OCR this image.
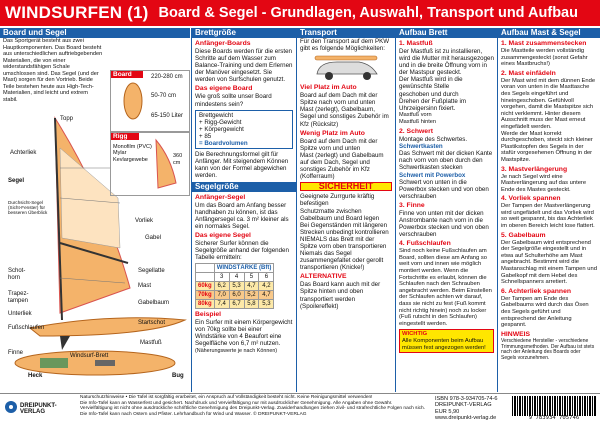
WINDSURFEN (1) Board & Segel - Grundlagen, Auswahl, Transport und Aufbau
Board und Segel
Das Sportgerät besteht aus zwei Hauptkomponenten. Das Board besteht aus unterschiedlichen auftriebgebenden Materialien, die von einer widerstandsfähigen Schale umschlossen sind. Das Segel (und der Mast) sorgen für den Vortrieb. Beide Teile bestehen heute aus High-Tech-Materialien, sind leicht und extrem stabil.
Board	220-280 cm
50-70 cm
65-150 Liter
Rigg
Monofilm (PVC) Mylar Kevlargewebe
360 cm
Topp
Achterliek
Segel
Durchsicht-Segel (Sicht-Fenster) für besseren Überblick
Schot-horn
Trapez-tampen
Unterliek
Fußschlaufen
Finne	Windsurf-Brett
Heck	Bug
Vorliek
Gabel
Segellatte
Mast
Gabelbaum
Startschot
Mastfuß
Brettgröße
Anfänger-Boards
Diese Boards werden für die ersten Schritte auf dem Wasser zum Balance-Training und dem Erlernen der Manöver eingesetzt. Sie werden von Surfschulen genutzt.
Das eigene Board
Wie groß sollte unser Board mindestens sein?
Brettgewicht
+ Rigg-Gewicht
+ Körpergewicht
+ 85
= Boardvolumen
Die Berechnungsformel gilt für Anfänger. Mit steigendem Können kann von der Formel abgewichen werden.
Segelgröße
Anfänger-Segel
Um das Board am Anfang besser handhaben zu können, ist das Anfängersegel ca. 3 m² kleiner als ein normales Segel.
Das eigene Segel
Sicherer Surfer können die Segelgröße anhand der folgenden Tabelle ermitteln:
	WINDSTÄRKE (Bft)			
	3	4	5	6
60kg	6,2	5,3	4,7	4,2
70kg	7,0	6,0	5,2	4,7
80kg	7,4	6,7	5,8	5,3
Beispiel
Ein Surfer mit einem Körpergewicht von 70kg sollte bei einer Windstärke von 4 Beaufort eine Segelfläche von 6,7 m² nutzen.
(Näherungswerte je nach Können)
Transport
Für den Transport auf dem PKW gibt es folgende Möglichkeiten:
Viel Platz im Auto
Board auf dem Dach mit der Spitze nach vorn und unten
Mast (zerlegt), Gabelbaum, Segel und sonstiges Zubehör im Kfz (Rücksitz)
Wenig Platz im Auto
Board auf dem Dach mit der Spitze vorn und unten
Mast (zerlegt) und Gabelbaum auf dem Dach, Segel und sonstiges Zubehör im Kfz (Kofferraum)
SICHERHEIT
Geeignete Zurrgurte kräftig befestigen
Schutzmatte zwischen Gabelbaum und Board legen
Bei Gegenständen mit längeren Strecken unbedingt kontrollieren
NIEMALS das Brett mit der Spitze vorn oben transportieren
Niemals das Segel zusammengefaltet oder gerollt transportieren (Knicke!)
ALTERNATIVE
Das Board kann auch mit der Spitze hinten und oben transportiert werden (Spoilereffekt)
Aufbau Brett
1. Mastfuß
Der Mastfuß ist zu installieren, wird die Mutter mit herausgezogen und in die breite Öffnung vorn in der Mastspur gesteckt.
Der Mastfuß wird in die gewünschte Stelle geschoben und durch Drehen der Fußplatte im Uhrzeigersinn fixiert.
Mastfuß vorn
Mastfuß hinten
2. Schwert
Montage des Schwertes.
Schwertkasten
Das Schwert mit der dicken Kante nach vorn von oben durch den Schwertkasten stecken
Schwert mit Powerbox
Schwert von unten in die Powerbox stecken und von oben verschrauben
3. Finne
Finne von unten mit der dicken Anstrombante nach vorn in die Powerbox stecken und von oben verschrauben
4. Fußschlaufen
Sind noch keine Fußschlaufen am Board, sollten diese am Anfang so weit vorn und innen wie möglich montiert werden. Wenn die Fortschritte es erlaubt, können die Schlaufen nach den Schrauben angebracht werden. Beim Einstellen der Schlaufen achten wir darauf, dass sie nicht zu fest (Fuß kommt nicht richtig hinein) noch zu locker (Fuß rutscht in den Schlaufen) eingestellt werden.
WICHTIG
Alle Komponenten beim Aufbau müssen fest angezogen werden!
Aufbau Mast & Segel
1. Mast zusammenstecken
Die Mastteile werden vollständig zusammengesteckt (sonst Gefahr eines Mastbruchs!)
2. Mast einfädeln
Der Mast wird mit dem dünnen Ende voran von unten in die Masttasche des Segels eingeführt und hineingeschoben. Gefühlvoll vorgehen, damit die Mastspitze sich nicht verklemmt. Hinter diesem Ausschnitt muss der Mast erneut eingefädelt werden.
Werde der Mast korrekt durchgeschoben, steckt sich kleiner Plastikstopfen des Segels in der stafür vorgesehenen Öffnung in der Mastspitze.
3. Mastverlängerung
Je nach Segel wird eine Mastverlängerung auf das untere Ende des Mastes gesteckt.
4. Vorliek spannen
Der Tampen der Mastverlängerung wird ungefädelt und das Vorliek wird so weit gespannt, bis das Achterliek im oberen Bereich leicht lose flattert.
5. Gabelbaum
Der Gabelbaum wird entsprechend der Segelgröße eingestellt und in etwa auf Schulterhöhe am Mast angebracht. Bestimmt wird die Mastanschlag mit einem Tampen und Gabelkopf mit dem Hebel des Schnellspanners arretiert.
6. Achterliek spannen
Der Tampen am Ende des Gabelbaums wird durch das Ösen des Segels geführt und entsprechend der Anleitung gespannt.
HINWEIS
Verschiedene Hersteller - verschiedene Trimmungsmethoden. Der Aufbau ist stets nach der Anleitung des Boards oder Segels vorzunehmen.
DREIPUNKT-VERLAG
Naturschutzhinweise • Die Tafel ist sorgfältig erarbeitet, ein Anspruch auf Vollständigkeit besteht nicht. Keine Reinigungsmittel verwenden!
Die Info-Tafel kann an Wasserfest und gesichert. Nachdruck und Vervielfältigung nur mit ausdrücklicher Genehmigung. Alle Angaben ohne Gewähr.
Vervielfältigung ist nicht ohne ausdrückliche schriftliche Genehmigung des Dreipunkt-Verlag. Zuwiderhandlungen ziehen zivil- und strafrechtliche Folgen nach sich.
Die Info-Tafel kann nach Ostern und Pfister. Lehrhandbuch für Wind und Wasser. © DREIPUNKT-VERLAG
ISBN 978-3-934705-74-6
DREIPUNKT-VERLAG
EUR 5,90
www.dreipunkt-verlag.de	9 783934 705746
